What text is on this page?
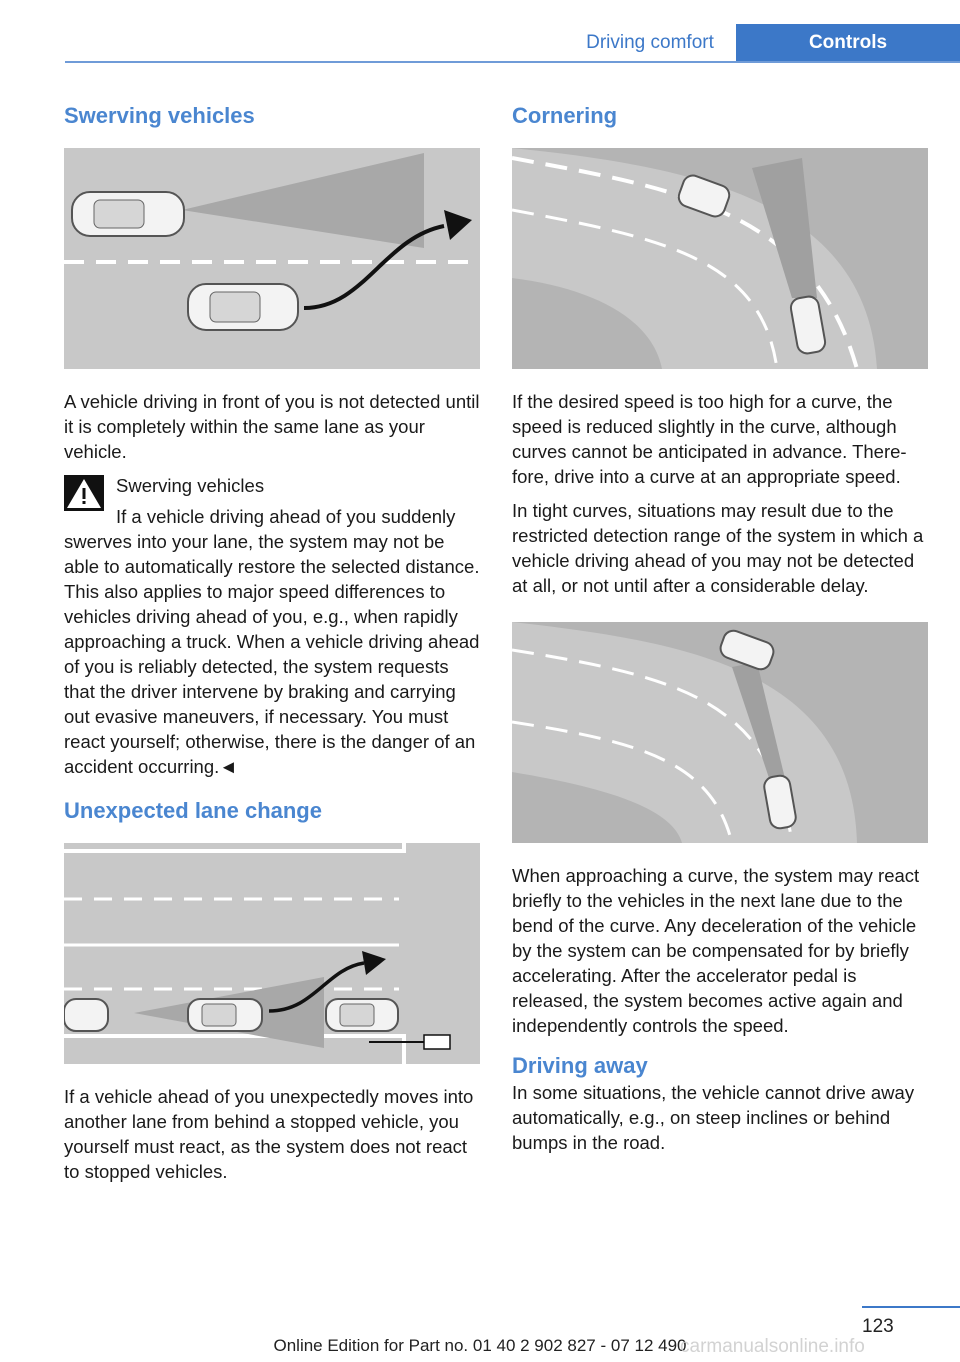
Driving comfort	Controls
Swerving vehicles

A vehicle driving in front of you is not detected until it is completely within the same lane as your vehicle.

Swerving vehicles

If a vehicle driving ahead of you suddenly swerves into your lane, the system may not be able to automatically restore the selected distance. This also applies to major speed differences to vehicles driving ahead of you, e.g., when rapidly approaching a truck. When a vehicle driving ahead of you is reliably detected, the system requests that the driver intervene by braking and carrying out evasive maneuvers, if necessary. You must react yourself; otherwise, there is the danger of an accident occurring.◄

Unexpected lane change

If a vehicle ahead of you unexpectedly moves into another lane from behind a stopped vehicle, you yourself must react, as the system does not react to stopped vehicles.

Cornering

If the desired speed is too high for a curve, the speed is reduced slightly in the curve, although curves cannot be anticipated in advance. Therefore, drive into a curve at an appropriate speed.

In tight curves, situations may result due to the restricted detection range of the system in which a vehicle driving ahead of you may not be detected at all, or not until after a considerable delay.

When approaching a curve, the system may react briefly to the vehicles in the next lane due to the bend of the curve. Any deceleration of the vehicle by the system can be compensated for by briefly accelerating. After the accelerator pedal is released, the system becomes active again and independently controls the speed.

Driving away

In some situations, the vehicle cannot drive away automatically, e.g., on steep inclines or behind bumps in the road.

123
Online Edition for Part no. 01 40 2 902 827 - 07 12 490
carmanualsonline.info
